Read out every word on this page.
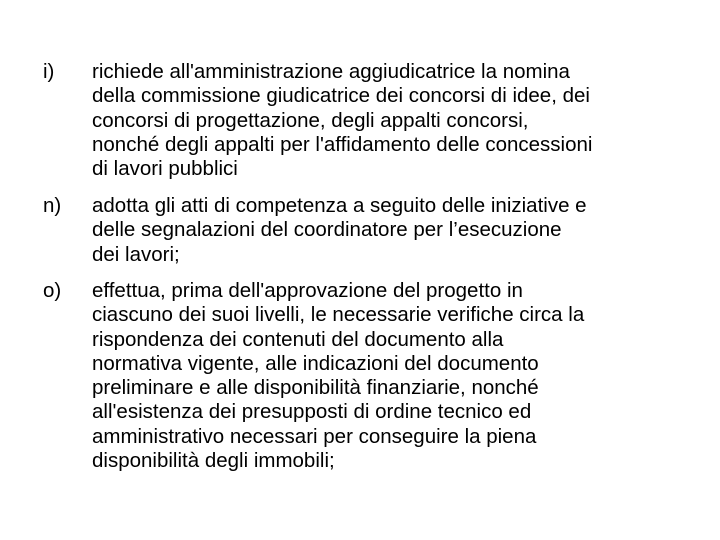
i)	richiede all'amministrazione aggiudicatrice la nomina
della commissione giudicatrice dei concorsi di idee, dei
concorsi di progettazione, degli appalti concorsi,
nonché degli appalti per l'affidamento delle concessioni
di lavori pubblici
n)	adotta gli atti di competenza a seguito delle iniziative e
delle segnalazioni del coordinatore per l’esecuzione
dei lavori;
o)	effettua, prima dell'approvazione del progetto in
ciascuno dei suoi livelli, le necessarie verifiche circa la
rispondenza dei contenuti del documento alla
normativa vigente, alle indicazioni del documento
preliminare e alle disponibilità finanziarie, nonché
all'esistenza dei presupposti di ordine tecnico ed
amministrativo necessari per conseguire la piena
disponibilità degli immobili;
